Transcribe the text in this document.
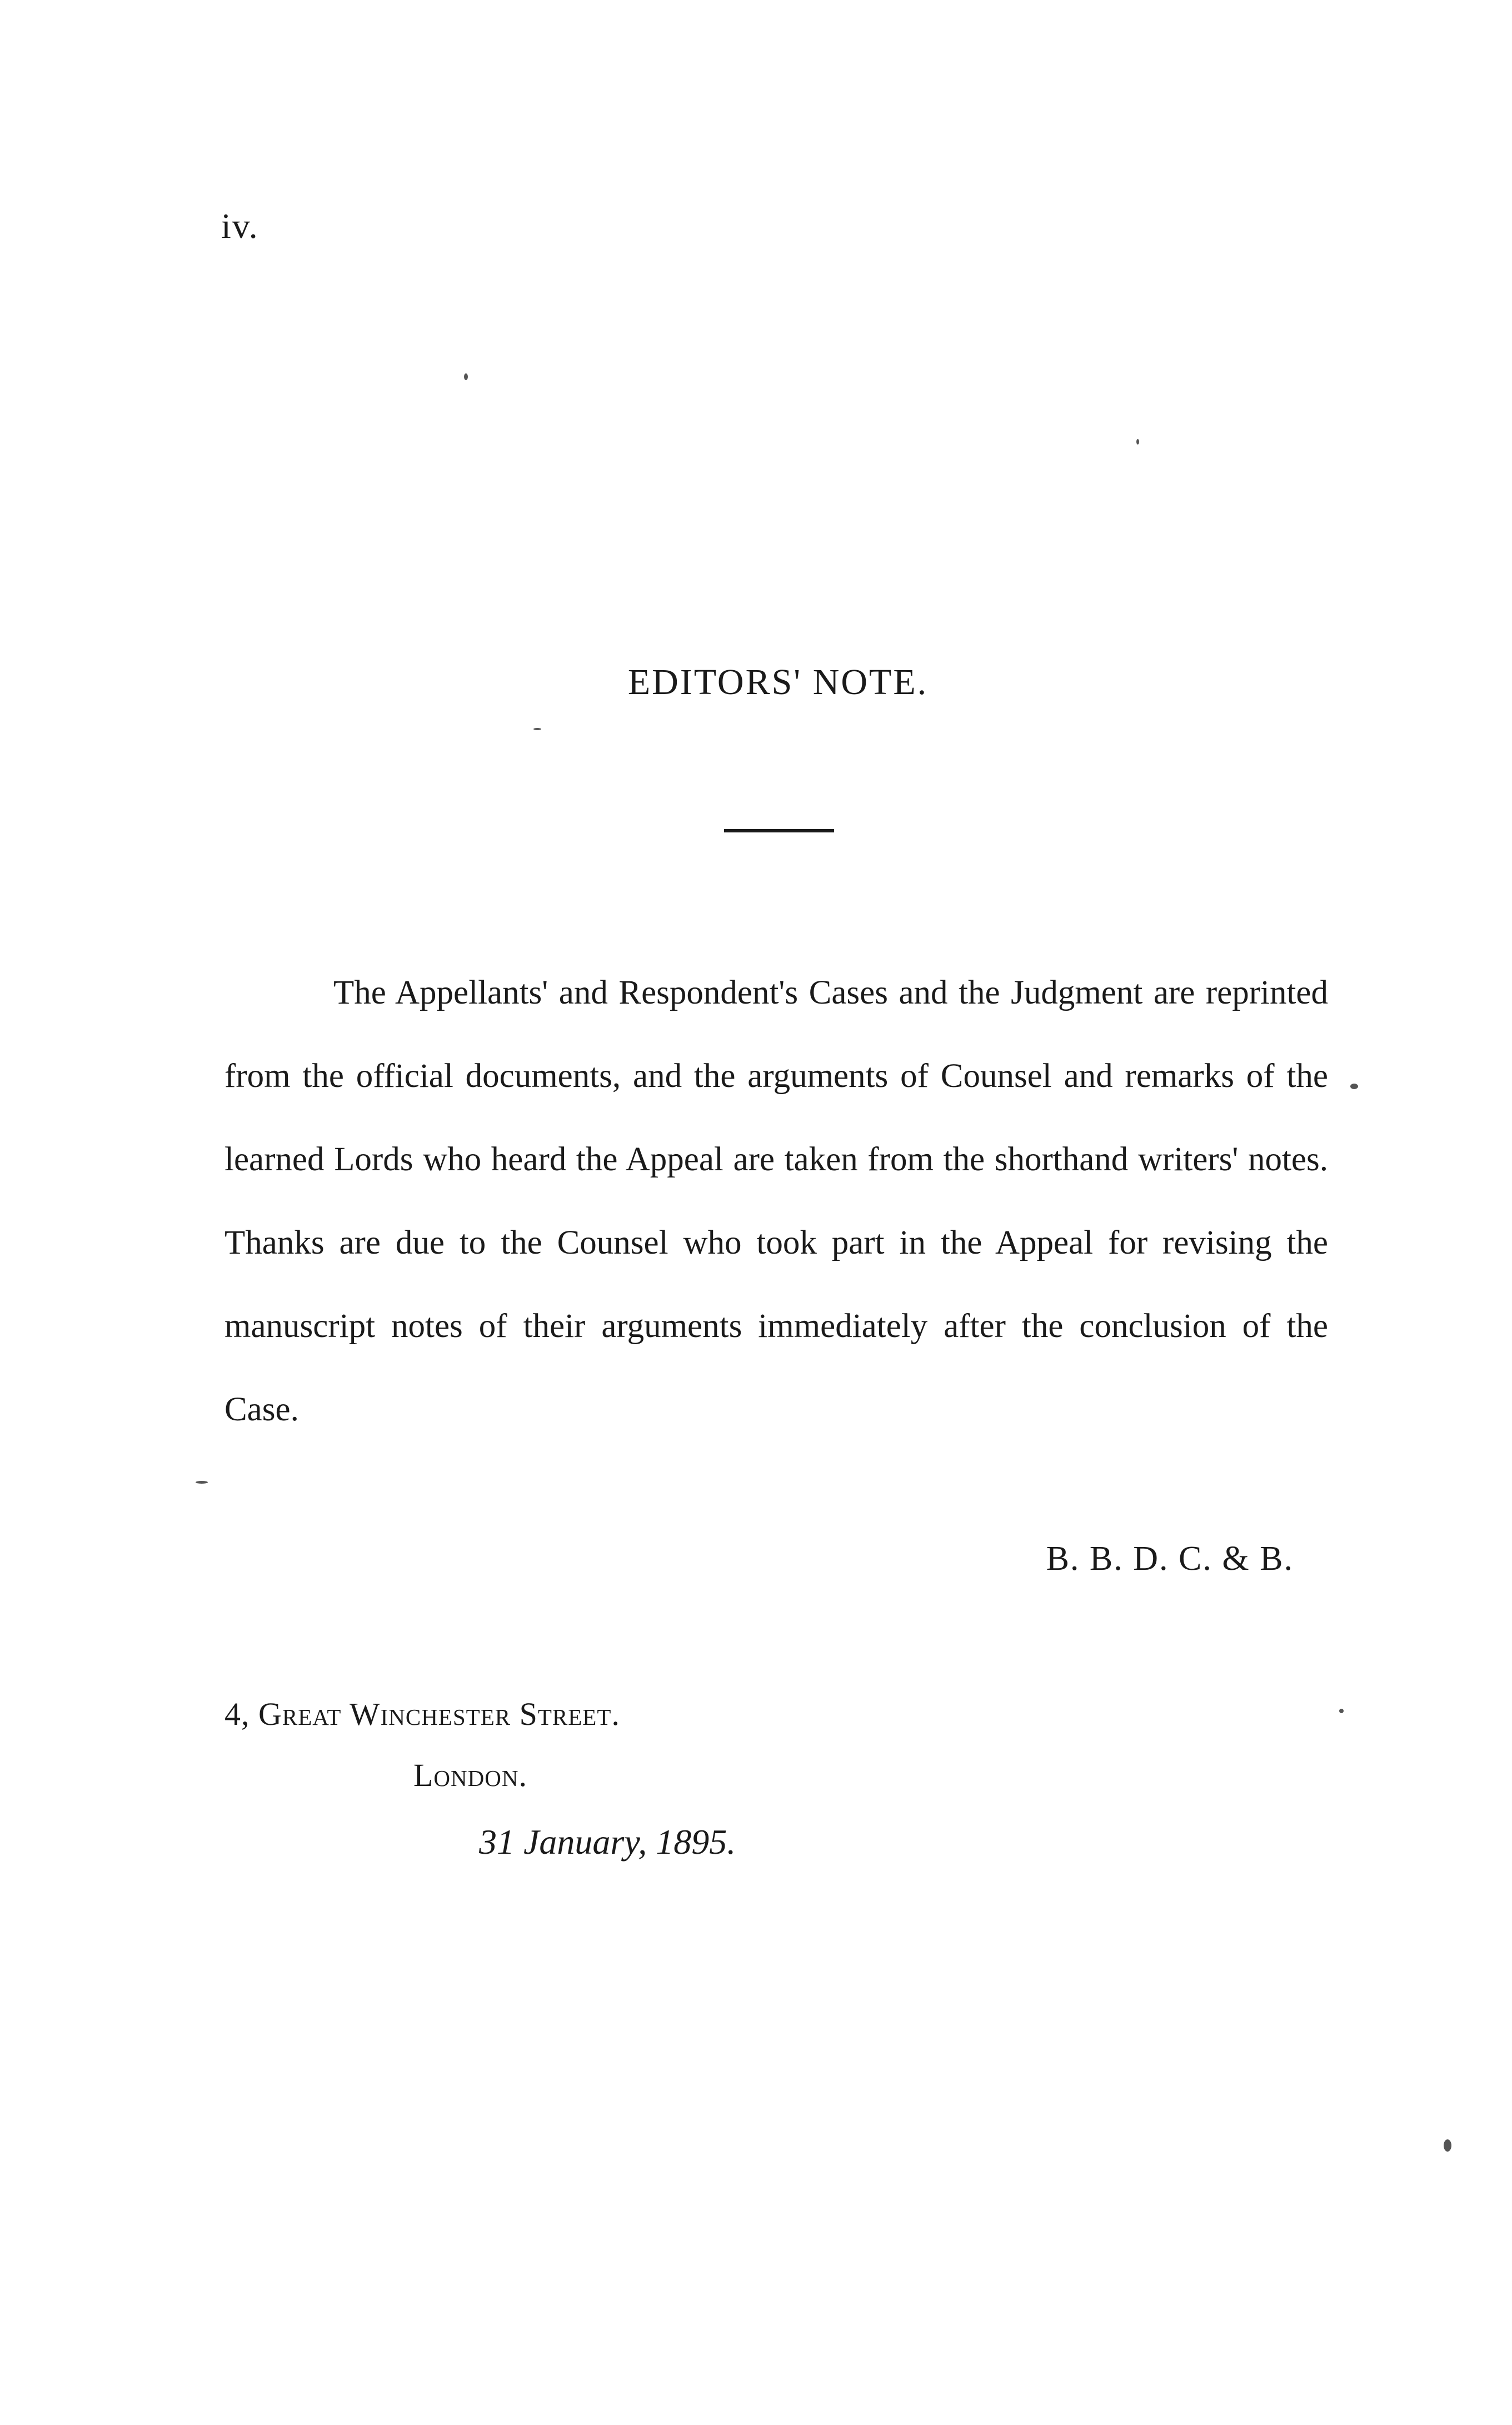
iv.
EDITORS' NOTE.

The Appellants' and Respondent's Cases and the Judgment are reprinted from the official documents, and the arguments of Counsel and remarks of the learned Lords who heard the Appeal are taken from the shorthand writers' notes. Thanks are due to the Counsel who took part in the Appeal for revising the manuscript notes of their arguments immediately after the conclusion of the Case.

B. B. D. C. & B.
4, Great Winchester Street.
London.
31 January, 1895.
